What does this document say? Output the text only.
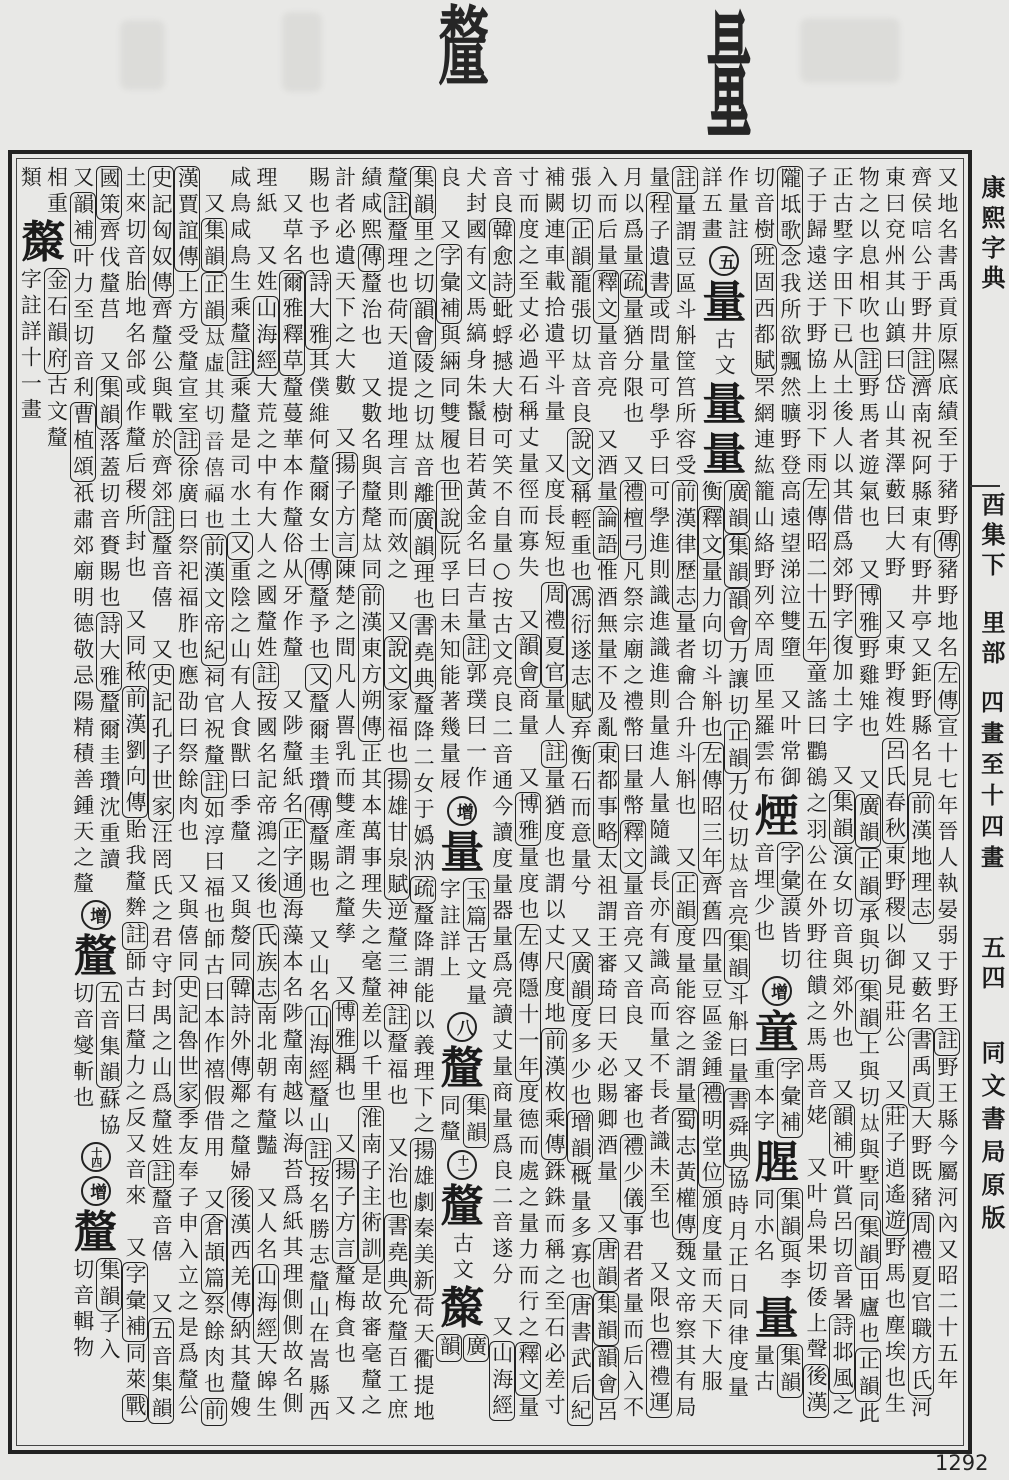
釐	量
又地名書禹貢原隰底績至于豬野傳豬野地名左傳宣十七年晉人執晏弱于野王註野王縣今屬河內又昭二十五年
齊侯唁公于野井註濟南祝阿縣東有野井亭又鉅野縣名見前漢地理志　又藪名書禹貢大野既豬周禮夏官職方氏河
東曰兗州其山鎮曰岱山其澤藪曰大野　又東野複姓呂氏春秋東野稷以御見莊公　又莊子逍遙遊野馬也塵埃也生
物之以息相吹也註野馬者遊氣也　又博雅野雞雉也　又廣韻正韻承與切集韻上與切𡘋與墅同集韻田廬也正韻此
正古墅字田下已从土後人以其借爲郊野字復加土字　又集韻演女切音與郊外也　又韻補叶賞呂切音暑詩邶風之
子于歸遠送于野協上羽下雨左傳昭二十五年童謠曰鸜鵒之羽公在外野往饋之馬馬音姥　又叶烏果切倭上聲後漢
隴坻歌念我所欲飄然曠野登高遠望涕泣雙墮　又叶常御
切音樹班固西都賦罘網連紘籠山絡野列卒周匝星羅雲布
煙
字彙謨皆切
音埋少也
增
童
字彙補
重本字
腥
集韻與李
同朩名
量
集韻
量古
作量註
詳五畫
五
量
古文
量
量
廣韻集韻韻會力讓切正韻力仗切𡘋音亮集韻斗斛曰量書舜典協時月正日同律度量
衡釋文量力向切斗斛也左傳昭三年齊舊四量豆區釜鍾禮明堂位頒度量而天下大服
註量謂豆區斗斛筐筥所容受前漢律歷志量者龠合升斗斛也　又正韻度量能容之謂量蜀志黃權傳魏文帝察其有局
量程子遺書或問量可學乎曰可學進則識進識進則量進人量隨識長亦有識高而量不長者識未至也　又限也禮禮運
月以爲量疏量猶分限也　又禮檀弓凡祭宗廟之禮幣曰量幣釋文量音亮又音良　又審也禮少儀事君者量而后入不
入而后量釋文量音亮　又酒量論語惟酒無量不及亂東都事略太祖謂王審琦曰天必賜卿酒量　又唐韻集韻韻會呂
張切正韻龍張切𡘋音良說文稱輕重也馮衍遂志賦弃衡石而意量兮　又廣韻度多少也增韻概量多寡也唐書武后紀
補闕連車載拾遺平斗量　又度長短也周禮夏官量人註量猶度也謂以丈尺度地前漢枚乘傳銖銖而稱之至石必差寸
寸而度之至丈必過石稱丈量徑而寡失　又韻會商量　又博雅量度也左傳隱十一年度德而處之量力而行之釋文量
音良韓愈詩蚍蜉撼大樹可笑不自量○按古文亮良二音通今讀度量器量爲亮讀丈量商量爲良二音遂分　又山海經
犬封國有文馬縞身朱鬣目若黃金名曰吉量註郭璞曰一作
良　又字彙補與緉同雙履也世說阮孚曰未知能著幾量屐
增
量
玉篇古文量
字註詳上
八
釐
集韻
同釐
十一
釐
古文
斄
廣
韻
集韻里之切韻會陵之切𡘋音離廣韻理也書堯典釐降二女于嬀汭疏釐降謂能以義理下之揚雄劇秦美新荷天衢提地
釐註釐理也荷天道提地理言則而效之　又說文家福也揚雄甘泉賦逆釐三神註釐福也　又治也書堯典允釐百工庶
績咸熙傳釐治也　又數名與釐氂𡘋同前漢東方朔傳正其本萬事理失之毫釐差以千里淮南子主術訓是故審毫釐之
計者必遺天下之大數　又揚子方言陳楚之間凡人嘼乳而雙產謂之釐孳　又博雅耦也　又揚子方言釐梅貪也　又
賜也予也詩大雅其僕維何釐爾女士傳釐予也又釐爾圭瓚傳釐賜也　又山名山海經釐山註按名勝志釐山在嵩縣西
　又草名爾雅釋草釐蔓華本作釐俗从牙作釐　又陟釐紙名正字通海藻本名陟釐南越以海苔爲紙其理側側故名側
理紙　又姓山海經大荒之中有大人之國釐姓註按國名記帝鴻之後也氏族志南北朝有釐豔　又人名山海經大皞生
咸鳥咸鳥生乘釐註乘釐是司水土又重陰之山有人食獸曰季釐　又與嫠同韓詩外傳鄰之釐婦後漢西羌傳納其釐嫂
　又集韻正韻𡘋虛其切音僖福也前漢文帝紀祠官祝釐註如淳曰福也師古曰本作禧假借用　又倉頡篇祭餘肉也前
漢賈誼傳上方受釐宣室註徐廣曰祭祀福胙也應劭曰祭餘肉也　又與僖同史記魯世家季友奉子申入立之是爲釐公
史記匈奴傳齊釐公與戰於齊郊註釐音僖　又史記孔子世家汪罔氏之君守封禺之山爲釐姓註釐音僖　又五音集韻
土來切音胎地名郃或作釐后稷所封也　又同秾前漢劉向傳貽我釐麰註師古曰釐力之反又音來　又字彙補同萊戰
國策齊伐釐莒　又集韻落蓋切音賚賜也詩大雅釐爾圭瓚沈重讀
又韻補叶力至切音利曹植頌祇肅郊廟明德敬忌陽精積善鍾天之釐
增
釐
五音集韻蘇協
切音燮斬也
十四
增
釐
集韻子入
切音輯物
相重
類
斄
金石韻府古文釐
字註詳十一畫
康熙字典
酉集下
里部
四畫至十四畫
五四
同文書局原版
1292
